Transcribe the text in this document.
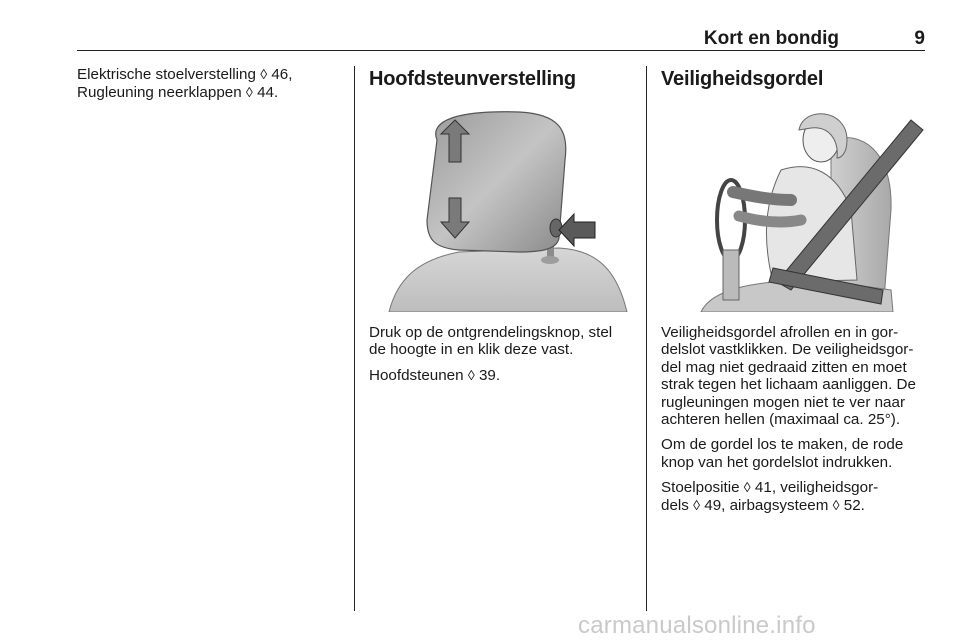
Kort en bondig	9

Elektrische stoelverstelling ◊ 46,

Rugleuning neerklappen ◊ 44.

Hoofdsteunverstelling

Druk op de ontgrendelingsknop, stel de hoogte in en klik deze vast.

Hoofdsteunen ◊ 39.

Veiligheidsgordel

Veiligheidsgordel afrollen en in gor-delslot vastklikken. De veiligheidsgor-del mag niet gedraaid zitten en moet strak tegen het lichaam aanliggen. De rugleuningen mogen niet te ver naar achteren hellen (maximaal ca. 25°).

Om de gordel los te maken, de rode knop van het gordelslot indrukken.

Stoelpositie ◊ 41, veiligheidsgor-
dels ◊ 49, airbagsysteem ◊ 52.

carmanualsonline.info
